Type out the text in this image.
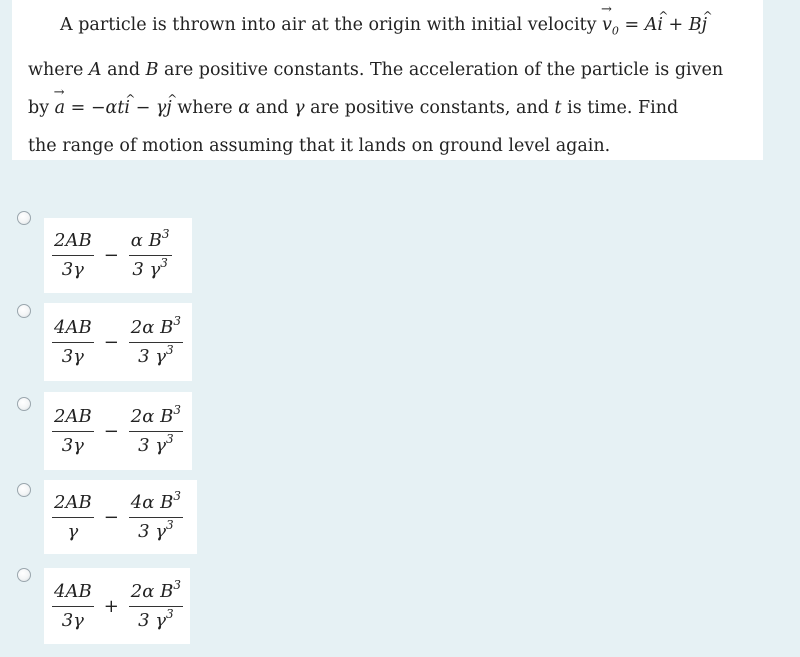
A particle is thrown into air at the origin with initial velocity $v_0$ → = Ai ^ + Bj ^

where A and B are positive constants. The acceleration of the particle is given

by a → = −αti ^ − γj ^ where α and γ are positive constants, and t is time. Find

the range of motion assuming that it lands on ground level again.

$\frac{2AB}{3\gamma} - \frac{\alpha B^3}{3 \gamma^3}$
$\frac{4AB}{3\gamma} - \frac{2\alpha B^3}{3 \gamma^3}$
$\frac{2AB}{3\gamma} - \frac{2\alpha B^3}{3 \gamma^3}$
$\frac{2AB}{\gamma} - \frac{4\alpha B^3}{3 \gamma^3}$
$\frac{4AB}{3\gamma} + \frac{2\alpha B^3}{3 \gamma^3}$
